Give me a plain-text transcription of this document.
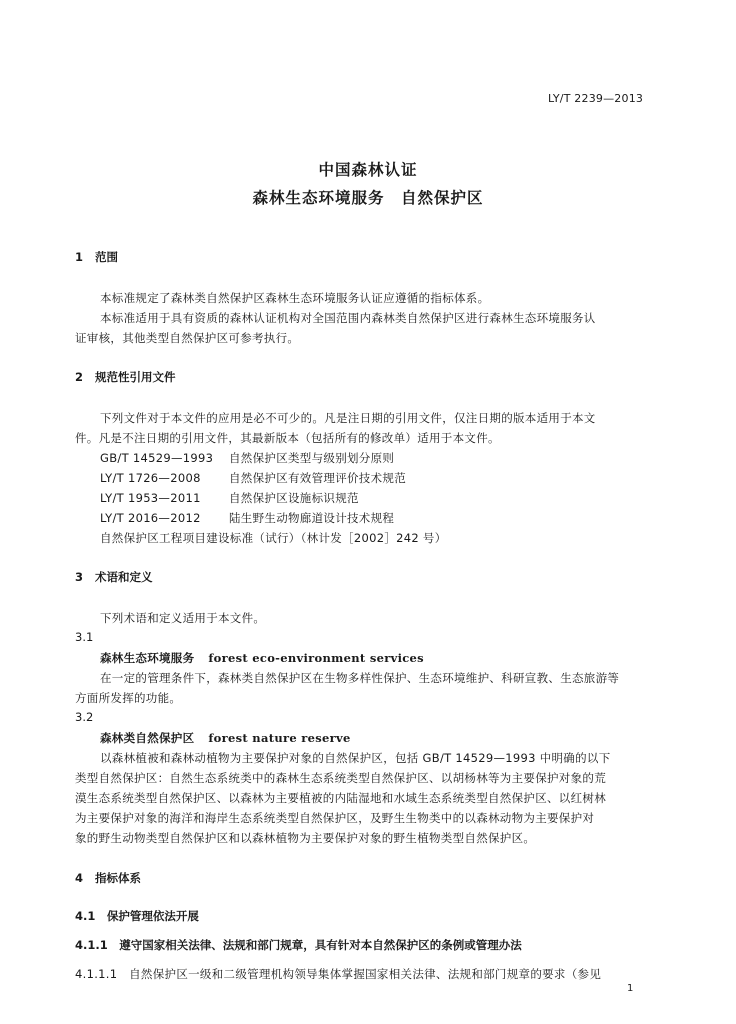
LY/T 2239—2013
中国森林认证
森林生态环境服务　自然保护区
1 范围
本标准规定了森林类自然保护区森林生态环境服务认证应遵循的指标体系。
本标准适用于具有资质的森林认证机构对全国范围内森林类自然保护区进行森林生态环境服务认
证审核，其他类型自然保护区可参考执行。
2 规范性引用文件
下列文件对于本文件的应用是必不可少的。凡是注日期的引用文件，仅注日期的版本适用于本文
件。凡是不注日期的引用文件，其最新版本（包括所有的修改单）适用于本文件。
GB/T 14529—1993 自然保护区类型与级别划分原则
LY/T 1726—2008 自然保护区有效管理评价技术规范
LY/T 1953—2011 自然保护区设施标识规范
LY/T 2016—2012 陆生野生动物廊道设计技术规程
自然保护区工程项目建设标准（试行）（林计发［2002］242 号）
3 术语和定义
下列术语和定义适用于本文件。
3.1
森林生态环境服务 forest eco-environment services
在一定的管理条件下，森林类自然保护区在生物多样性保护、生态环境维护、科研宣教、生态旅游等
方面所发挥的功能。
3.2
森林类自然保护区 forest nature reserve
以森林植被和森林动植物为主要保护对象的自然保护区，包括 GB/T 14529—1993 中明确的以下
类型自然保护区：自然生态系统类中的森林生态系统类型自然保护区、以胡杨林等为主要保护对象的荒
漠生态系统类型自然保护区、以森林为主要植被的内陆湿地和水域生态系统类型自然保护区、以红树林
为主要保护对象的海洋和海岸生态系统类型自然保护区，及野生生物类中的以森林动物为主要保护对
象的野生动物类型自然保护区和以森林植物为主要保护对象的野生植物类型自然保护区。
4 指标体系
4.1　保护管理依法开展
4.1.1　遵守国家相关法律、法规和部门规章，具有针对本自然保护区的条例或管理办法
4.1.1.1　自然保护区一级和二级管理机构领导集体掌握国家相关法律、法规和部门规章的要求（参见
1
